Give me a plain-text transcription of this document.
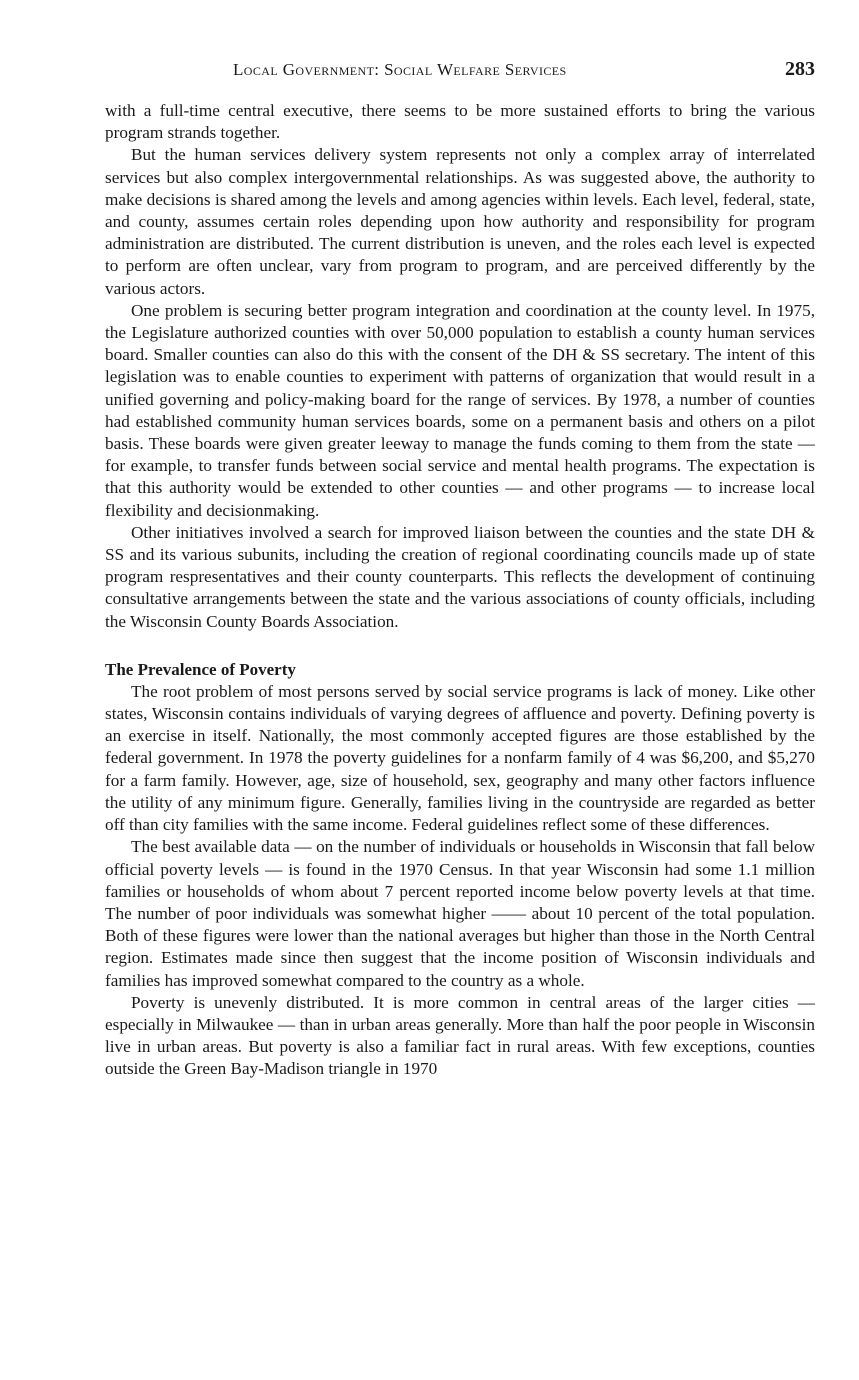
Local Government: Social Welfare Services	283

with a full-time central executive, there seems to be more sustained efforts to bring the various program strands together.

But the human services delivery system represents not only a complex array of interrelated services but also complex intergovernmental relationships. As was suggested above, the authority to make decisions is shared among the levels and among agencies within levels. Each level, federal, state, and county, assumes certain roles depending upon how authority and responsibility for program administration are distributed. The current distribution is uneven, and the roles each level is expected to perform are often unclear, vary from program to program, and are perceived differently by the various actors.

One problem is securing better program integration and coordination at the county level. In 1975, the Legislature authorized counties with over 50,000 population to establish a county human services board. Smaller counties can also do this with the consent of the DH & SS secretary. The intent of this legislation was to enable counties to experiment with patterns of organization that would result in a unified governing and policy-making board for the range of services. By 1978, a number of counties had established community human services boards, some on a permanent basis and others on a pilot basis. These boards were given greater leeway to manage the funds coming to them from the state — for example, to transfer funds between social service and mental health programs. The expectation is that this authority would be extended to other counties — and other programs — to increase local flexibility and decisionmaking.

Other initiatives involved a search for improved liaison between the counties and the state DH & SS and its various subunits, including the creation of regional coordinating councils made up of state program respresentatives and their county counterparts. This reflects the development of continuing consultative arrangements between the state and the various associations of county officials, including the Wisconsin County Boards Association.

The Prevalence of Poverty

The root problem of most persons served by social service programs is lack of money. Like other states, Wisconsin contains individuals of varying degrees of affluence and poverty. Defining poverty is an exercise in itself. Nationally, the most commonly accepted figures are those established by the federal government. In 1978 the poverty guidelines for a nonfarm family of 4 was $6,200, and $5,270 for a farm family. However, age, size of household, sex, geography and many other factors influence the utility of any minimum figure. Generally, families living in the countryside are regarded as better off than city families with the same income. Federal guidelines reflect some of these differences.

The best available data — on the number of individuals or households in Wisconsin that fall below official poverty levels — is found in the 1970 Census. In that year Wisconsin had some 1.1 million families or households of whom about 7 percent reported income below poverty levels at that time. The number of poor individuals was somewhat higher —— about 10 percent of the total population. Both of these figures were lower than the national averages but higher than those in the North Central region. Estimates made since then suggest that the income position of Wisconsin individuals and families has improved somewhat compared to the country as a whole.

Poverty is unevenly distributed. It is more common in central areas of the larger cities — especially in Milwaukee — than in urban areas generally. More than half the poor people in Wisconsin live in urban areas. But poverty is also a familiar fact in rural areas. With few exceptions, counties outside the Green Bay-Madison triangle in 1970
